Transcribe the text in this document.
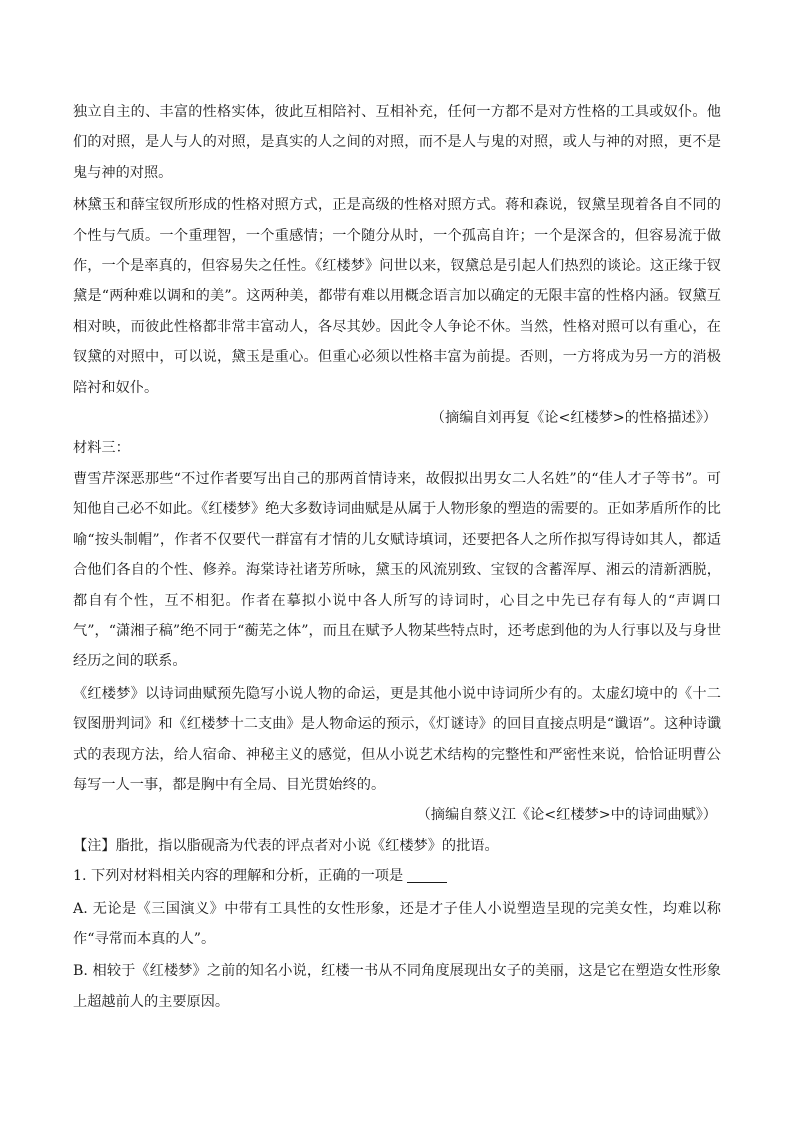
独立自主的、丰富的性格实体，彼此互相陪衬、互相补充，任何一方都不是对方性格的工具或奴仆。他们的对照，是人与人的对照，是真实的人之间的对照，而不是人与鬼的对照，或人与神的对照，更不是鬼与神的对照。

林黛玉和薛宝钗所形成的性格对照方式，正是高级的性格对照方式。蒋和森说，钗黛呈现着各自不同的个性与气质。一个重理智，一个重感情；一个随分从时，一个孤高自许；一个是深含的，但容易流于做作，一个是率真的，但容易失之任性。《红楼梦》问世以来，钗黛总是引起人们热烈的谈论。这正缘于钗黛是“两种难以调和的美”。这两种美，都带有难以用概念语言加以确定的无限丰富的性格内涵。钗黛互相对映，而彼此性格都非常丰富动人，各尽其妙。因此令人争论不休。当然，性格对照可以有重心，在钗黛的对照中，可以说，黛玉是重心。但重心必须以性格丰富为前提。否则，一方将成为另一方的消极陪衬和奴仆。

（摘编自刘再复《论<红楼梦>的性格描述》）

材料三：

曹雪芹深恶那些“不过作者要写出自己的那两首情诗来，故假拟出男女二人名姓”的“佳人才子等书”。可知他自己必不如此。《红楼梦》绝大多数诗词曲赋是从属于人物形象的塑造的需要的。正如茅盾所作的比喻“按头制帽”，作者不仅要代一群富有才情的儿女赋诗填词，还要把各人之所作拟写得诗如其人，都适合他们各自的个性、修养。海棠诗社诸芳所咏，黛玉的风流别致、宝钗的含蓄浑厚、湘云的清新洒脱，都自有个性，互不相犯。作者在摹拟小说中各人所写的诗词时，心目之中先已存有每人的“声调口气”，“潇湘子稿”绝不同于“蘅芜之体”，而且在赋予人物某些特点时，还考虑到他的为人行事以及与身世经历之间的联系。

《红楼梦》以诗词曲赋预先隐写小说人物的命运，更是其他小说中诗词所少有的。太虚幻境中的《十二钗图册判词》和《红楼梦十二支曲》是人物命运的预示，《灯谜诗》的回目直接点明是“谶语”。这种诗谶式的表现方法，给人宿命、神秘主义的感觉，但从小说艺术结构的完整性和严密性来说，恰恰证明曹公每写一人一事，都是胸中有全局、目光贯始终的。

（摘编自蔡义江《论<红楼梦>中的诗词曲赋》）

【注】脂批，指以脂砚斋为代表的评点者对小说《红楼梦》的批语。

1. 下列对材料相关内容的理解和分析，正确的一项是

A. 无论是《三国演义》中带有工具性的女性形象，还是才子佳人小说塑造呈现的完美女性，均难以称作“寻常而本真的人”。

B. 相较于《红楼梦》之前的知名小说，红楼一书从不同角度展现出女子的美丽，这是它在塑造女性形象上超越前人的主要原因。
